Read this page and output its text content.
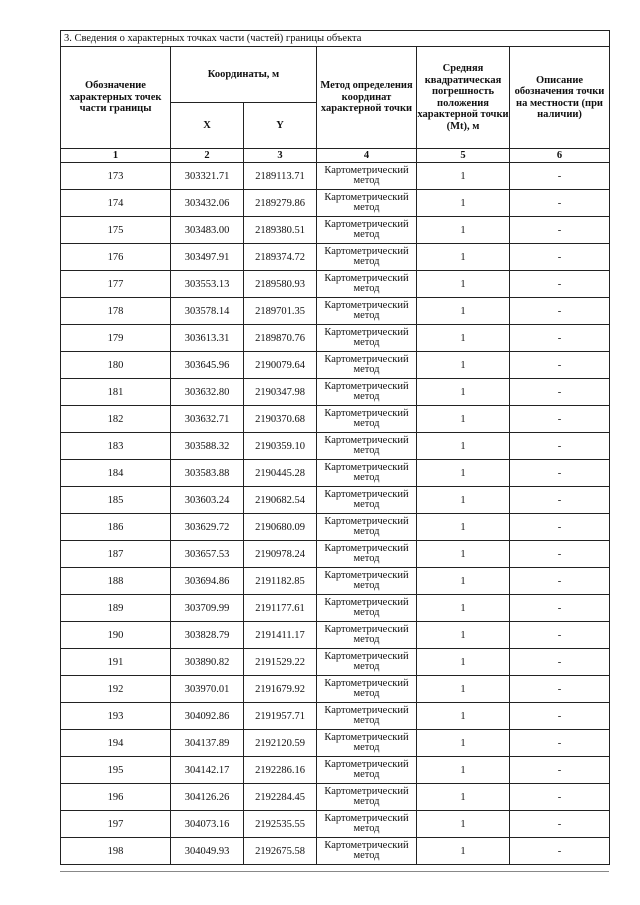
3. Сведения о характерных точках части (частей) границы объекта					
Обозначение характерных точек части границы	Координаты, м		Метод определения координат характерной точки	Средняя квадратическая погрешность положения характерной точки (Mt), м	Описание обозначения точки на местности (при наличии)
	X	Y			
1	2	3	4	5	6
173	303321.71	2189113.71	Картометрический метод	1	-
174	303432.06	2189279.86	Картометрический метод	1	-
175	303483.00	2189380.51	Картометрический метод	1	-
176	303497.91	2189374.72	Картометрический метод	1	-
177	303553.13	2189580.93	Картометрический метод	1	-
178	303578.14	2189701.35	Картометрический метод	1	-
179	303613.31	2189870.76	Картометрический метод	1	-
180	303645.96	2190079.64	Картометрический метод	1	-
181	303632.80	2190347.98	Картометрический метод	1	-
182	303632.71	2190370.68	Картометрический метод	1	-
183	303588.32	2190359.10	Картометрический метод	1	-
184	303583.88	2190445.28	Картометрический метод	1	-
185	303603.24	2190682.54	Картометрический метод	1	-
186	303629.72	2190680.09	Картометрический метод	1	-
187	303657.53	2190978.24	Картометрический метод	1	-
188	303694.86	2191182.85	Картометрический метод	1	-
189	303709.99	2191177.61	Картометрический метод	1	-
190	303828.79	2191411.17	Картометрический метод	1	-
191	303890.82	2191529.22	Картометрический метод	1	-
192	303970.01	2191679.92	Картометрический метод	1	-
193	304092.86	2191957.71	Картометрический метод	1	-
194	304137.89	2192120.59	Картометрический метод	1	-
195	304142.17	2192286.16	Картометрический метод	1	-
196	304126.26	2192284.45	Картометрический метод	1	-
197	304073.16	2192535.55	Картометрический метод	1	-
198	304049.93	2192675.58	Картометрический метод	1	-
